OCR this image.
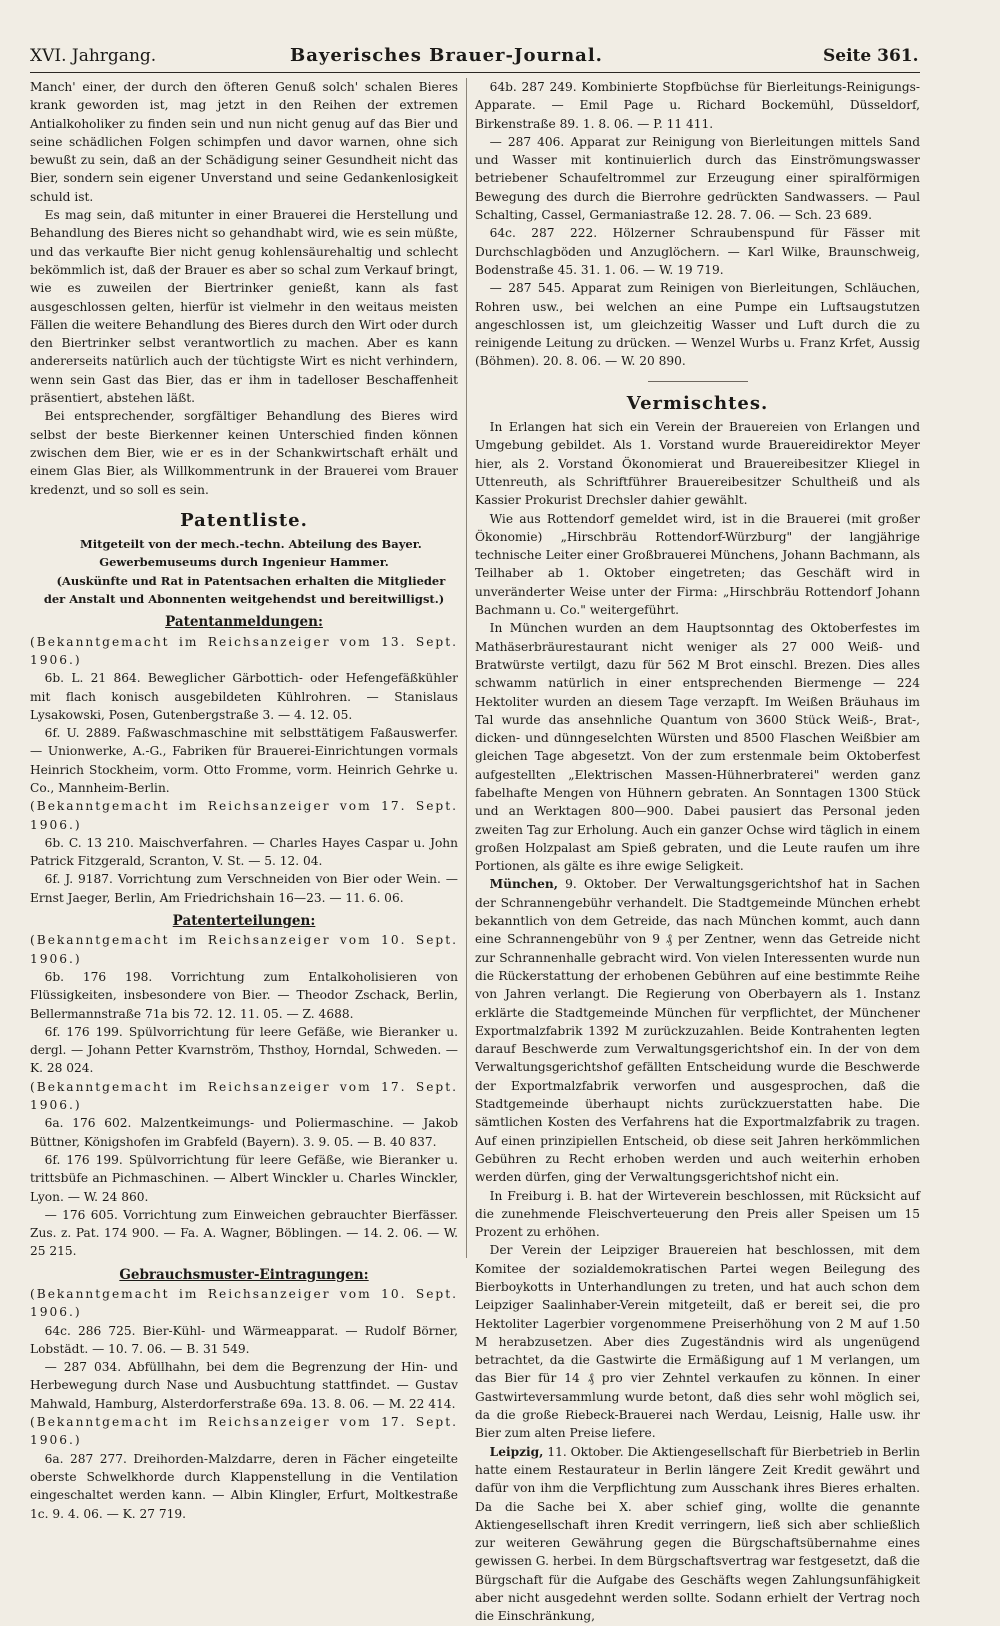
XVI. Jahrgang.	Bayerisches Brauer-Journal.	Seite 361.

Manch' einer, der durch den öfteren Genuß solch' schalen Bieres krank geworden ist, mag jetzt in den Reihen der extremen Antialkoholiker zu finden sein und nun nicht genug auf das Bier und seine schädlichen Folgen schimpfen und davor warnen, ohne sich bewußt zu sein, daß an der Schädigung seiner Gesundheit nicht das Bier, sondern sein eigener Unverstand und seine Gedankenlosigkeit schuld ist.

Es mag sein, daß mitunter in einer Brauerei die Herstellung und Behandlung des Bieres nicht so gehandhabt wird, wie es sein müßte, und das verkaufte Bier nicht genug kohlensäurehaltig und schlecht bekömmlich ist, daß der Brauer es aber so schal zum Verkauf bringt, wie es zuweilen der Biertrinker genießt, kann als fast ausgeschlossen gelten, hierfür ist vielmehr in den weitaus meisten Fällen die weitere Behandlung des Bieres durch den Wirt oder durch den Biertrinker selbst verantwortlich zu machen. Aber es kann andererseits natürlich auch der tüchtigste Wirt es nicht verhindern, wenn sein Gast das Bier, das er ihm in tadelloser Beschaffenheit präsentiert, abstehen läßt.

Bei entsprechender, sorgfältiger Behandlung des Bieres wird selbst der beste Bierkenner keinen Unterschied finden können zwischen dem Bier, wie er es in der Schankwirtschaft erhält und einem Glas Bier, als Willkommentrunk in der Brauerei vom Brauer kredenzt, und so soll es sein.

Patentliste.

Mitgeteilt von der mech.-techn. Abteilung des Bayer. Gewerbemuseums durch Ingenieur Hammer.

(Auskünfte und Rat in Patentsachen erhalten die Mitglieder der Anstalt und Abonnenten weitgehendst und bereitwilligst.)

Patentanmeldungen:

(Bekanntgemacht im Reichsanzeiger vom 13. Sept. 1906.)

6b. L. 21 864. Beweglicher Gärbottich- oder Hefengefäßkühler mit flach konisch ausgebildeten Kühlrohren. — Stanislaus Lysakowski, Posen, Gutenbergstraße 3. — 4. 12. 05.

6f. U. 2889. Faßwaschmaschine mit selbsttätigem Faßauswerfer. — Unionwerke, A.-G., Fabriken für Brauerei-Einrichtungen vormals Heinrich Stockheim, vorm. Otto Fromme, vorm. Heinrich Gehrke u. Co., Mannheim-Berlin.

(Bekanntgemacht im Reichsanzeiger vom 17. Sept. 1906.)

6b. C. 13 210. Maischverfahren. — Charles Hayes Caspar u. John Patrick Fitzgerald, Scranton, V. St. — 5. 12. 04.

6f. J. 9187. Vorrichtung zum Verschneiden von Bier oder Wein. — Ernst Jaeger, Berlin, Am Friedrichshain 16—23. — 11. 6. 06.

Patenterteilungen:

(Bekanntgemacht im Reichsanzeiger vom 10. Sept. 1906.)

6b. 176 198. Vorrichtung zum Entalkoholisieren von Flüssigkeiten, insbesondere von Bier. — Theodor Zschack, Berlin, Bellermannstraße 71a bis 72. 12. 11. 05. — Z. 4688.

6f. 176 199. Spülvorrichtung für leere Gefäße, wie Bieranker u. dergl. — Johann Petter Kvarnström, Thsthoy, Horndal, Schweden. — K. 28 024.

(Bekanntgemacht im Reichsanzeiger vom 17. Sept. 1906.)

6a. 176 602. Malzentkeimungs- und Poliermaschine. — Jakob Büttner, Königshofen im Grabfeld (Bayern). 3. 9. 05. — B. 40 837.

6f. 176 199. Spülvorrichtung für leere Gefäße, wie Bieranker u. trittsbüfe an Pichmaschinen. — Albert Winckler u. Charles Winckler, Lyon. — W. 24 860.

— 176 605. Vorrichtung zum Einweichen gebrauchter Bierfässer. Zus. z. Pat. 174 900. — Fa. A. Wagner, Böblingen. — 14. 2. 06. — W. 25 215.

Gebrauchsmuster-Eintragungen:

(Bekanntgemacht im Reichsanzeiger vom 10. Sept. 1906.)

64c. 286 725. Bier-Kühl- und Wärmeapparat. — Rudolf Börner, Lobstädt. — 10. 7. 06. — B. 31 549.

— 287 034. Abfüllhahn, bei dem die Begrenzung der Hin- und Herbewegung durch Nase und Ausbuchtung stattfindet. — Gustav Mahwald, Hamburg, Alsterdorferstraße 69a. 13. 8. 06. — M. 22 414.

(Bekanntgemacht im Reichsanzeiger vom 17. Sept. 1906.)

6a. 287 277. Dreihorden-Malzdarre, deren in Fächer eingeteilte oberste Schwelkhorde durch Klappenstellung in die Ventilation eingeschaltet werden kann. — Albin Klingler, Erfurt, Moltkestraße 1c. 9. 4. 06. — K. 27 719.

64b. 287 249. Kombinierte Stopfbüchse für Bierleitungs-Reinigungs-Apparate. — Emil Page u. Richard Bockemühl, Düsseldorf, Birkenstraße 89. 1. 8. 06. — P. 11 411.

— 287 406. Apparat zur Reinigung von Bierleitungen mittels Sand und Wasser mit kontinuierlich durch das Einströmungswasser betriebener Schaufeltrommel zur Erzeugung einer spiralförmigen Bewegung des durch die Bierrohre gedrückten Sandwassers. — Paul Schalting, Cassel, Germaniastraße 12. 28. 7. 06. — Sch. 23 689.

64c. 287 222. Hölzerner Schraubenspund für Fässer mit Durchschlagböden und Anzuglöchern. — Karl Wilke, Braunschweig, Bodenstraße 45. 31. 1. 06. — W. 19 719.

— 287 545. Apparat zum Reinigen von Bierleitungen, Schläuchen, Rohren usw., bei welchen an eine Pumpe ein Luftsaugstutzen angeschlossen ist, um gleichzeitig Wasser und Luft durch die zu reinigende Leitung zu drücken. — Wenzel Wurbs u. Franz Krfet, Aussig (Böhmen). 20. 8. 06. — W. 20 890.

Vermischtes.

In Erlangen hat sich ein Verein der Brauereien von Erlangen und Umgebung gebildet. Als 1. Vorstand wurde Brauereidirektor Meyer hier, als 2. Vorstand Ökonomierat und Brauereibesitzer Kliegel in Uttenreuth, als Schriftführer Brauereibesitzer Schultheiß und als Kassier Prokurist Drechsler dahier gewählt.

Wie aus Rottendorf gemeldet wird, ist in die Brauerei (mit großer Ökonomie) „Hirschbräu Rottendorf-Würzburg" der langjährige technische Leiter einer Großbrauerei Münchens, Johann Bachmann, als Teilhaber ab 1. Oktober eingetreten; das Geschäft wird in unveränderter Weise unter der Firma: „Hirschbräu Rottendorf Johann Bachmann u. Co." weitergeführt.

In München wurden an dem Hauptsonntag des Oktoberfestes im Mathäserbräurestaurant nicht weniger als 27 000 Weiß- und Bratwürste vertilgt, dazu für 562 M Brot einschl. Brezen. Dies alles schwamm natürlich in einer entsprechenden Biermenge — 224 Hektoliter wurden an diesem Tage verzapft. Im Weißen Bräuhaus im Tal wurde das ansehnliche Quantum von 3600 Stück Weiß-, Brat-, dicken- und dünngeselchten Würsten und 8500 Flaschen Weißbier am gleichen Tage abgesetzt. Von der zum erstenmale beim Oktoberfest aufgestellten „Elektrischen Massen-Hühnerbraterei" werden ganz fabelhafte Mengen von Hühnern gebraten. An Sonntagen 1300 Stück und an Werktagen 800—900. Dabei pausiert das Personal jeden zweiten Tag zur Erholung. Auch ein ganzer Ochse wird täglich in einem großen Holzpalast am Spieß gebraten, und die Leute raufen um ihre Portionen, als gälte es ihre ewige Seligkeit.

München, 9. Oktober. Der Verwaltungsgerichtshof hat in Sachen der Schrannengebühr verhandelt. Die Stadtgemeinde München erhebt bekanntlich von dem Getreide, das nach München kommt, auch dann eine Schrannengebühr von 9 ₰ per Zentner, wenn das Getreide nicht zur Schrannenhalle gebracht wird. Von vielen Interessenten wurde nun die Rückerstattung der erhobenen Gebühren auf eine bestimmte Reihe von Jahren verlangt. Die Regierung von Oberbayern als 1. Instanz erklärte die Stadtgemeinde München für verpflichtet, der Münchener Exportmalzfabrik 1392 M zurückzuzahlen. Beide Kontrahenten legten darauf Beschwerde zum Verwaltungsgerichtshof ein. In der von dem Verwaltungsgerichtshof gefällten Entscheidung wurde die Beschwerde der Exportmalzfabrik verworfen und ausgesprochen, daß die Stadtgemeinde überhaupt nichts zurückzuerstatten habe. Die sämtlichen Kosten des Verfahrens hat die Exportmalzfabrik zu tragen. Auf einen prinzipiellen Entscheid, ob diese seit Jahren herkömmlichen Gebühren zu Recht erhoben werden und auch weiterhin erhoben werden dürfen, ging der Verwaltungsgerichtshof nicht ein.

In Freiburg i. B. hat der Wirteverein beschlossen, mit Rücksicht auf die zunehmende Fleischverteuerung den Preis aller Speisen um 15 Prozent zu erhöhen.

Der Verein der Leipziger Brauereien hat beschlossen, mit dem Komitee der sozialdemokratischen Partei wegen Beilegung des Bierboykotts in Unterhandlungen zu treten, und hat auch schon dem Leipziger Saalinhaber-Verein mitgeteilt, daß er bereit sei, die pro Hektoliter Lagerbier vorgenommene Preiserhöhung von 2 M auf 1.50 M herabzusetzen. Aber dies Zugeständnis wird als ungenügend betrachtet, da die Gastwirte die Ermäßigung auf 1 M verlangen, um das Bier für 14 ₰ pro vier Zehntel verkaufen zu können. In einer Gastwirteversammlung wurde betont, daß dies sehr wohl möglich sei, da die große Riebeck-Brauerei nach Werdau, Leisnig, Halle usw. ihr Bier zum alten Preise liefere.

Leipzig, 11. Oktober. Die Aktiengesellschaft für Bierbetrieb in Berlin hatte einem Restaurateur in Berlin längere Zeit Kredit gewährt und dafür von ihm die Verpflichtung zum Ausschank ihres Bieres erhalten. Da die Sache bei X. aber schief ging, wollte die genannte Aktiengesellschaft ihren Kredit verringern, ließ sich aber schließlich zur weiteren Gewährung gegen die Bürgschaftsübernahme eines gewissen G. herbei. In dem Bürgschaftsvertrag war festgesetzt, daß die Bürgschaft für die Aufgabe des Geschäfts wegen Zahlungsunfähigkeit aber nicht ausgedehnt werden sollte. Sodann erhielt der Vertrag noch die Einschränkung,
